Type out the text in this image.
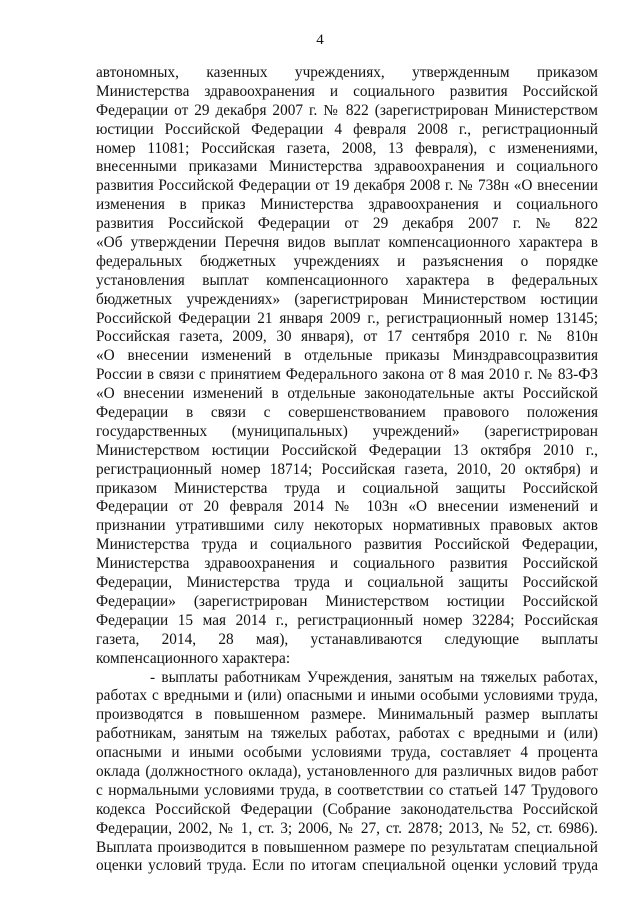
4
автономных, казенных учреждениях, утвержденным приказом
Министерства здравоохранения и социального развития Российской
Федерации от 29 декабря 2007 г. № 822 (зарегистрирован Министерством
юстиции Российской Федерации 4 февраля 2008 г., регистрационный
номер 11081; Российская газета, 2008, 13 февраля), с изменениями,
внесенными приказами Министерства здравоохранения и социального
развития Российской Федерации от 19 декабря 2008 г. № 738н «О внесении
изменения в приказ Министерства здравоохранения и социального
развития Российской Федерации от 29 декабря 2007 г. № 822
«Об утверждении Перечня видов выплат компенсационного характера в
федеральных бюджетных учреждениях и разъяснения о порядке
установления выплат компенсационного характера в федеральных
бюджетных учреждениях» (зарегистрирован Министерством юстиции
Российской Федерации 21 января 2009 г., регистрационный номер 13145;
Российская газета, 2009, 30 января), от 17 сентября 2010 г. № 810н
«О внесении изменений в отдельные приказы Минздравсоцразвития
России в связи с принятием Федерального закона от 8 мая 2010 г. № 83-ФЗ
«О внесении изменений в отдельные законодательные акты Российской
Федерации в связи с совершенствованием правового положения
государственных (муниципальных) учреждений» (зарегистрирован
Министерством юстиции Российской Федерации 13 октября 2010 г.,
регистрационный номер 18714; Российская газета, 2010, 20 октября) и
приказом Министерства труда и социальной защиты Российской
Федерации от 20 февраля 2014 № 103н «О внесении изменений и
признании утратившими силу некоторых нормативных правовых актов
Министерства труда и социального развития Российской Федерации,
Министерства здравоохранения и социального развития Российской
Федерации, Министерства труда и социальной защиты Российской
Федерации» (зарегистрирован Министерством юстиции Российской
Федерации 15 мая 2014 г., регистрационный номер 32284; Российская
газета, 2014, 28 мая), устанавливаются следующие выплаты
компенсационного характера:
- выплаты работникам Учреждения, занятым на тяжелых работах,
работах с вредными и (или) опасными и иными особыми условиями труда,
производятся в повышенном размере. Минимальный размер выплаты
работникам, занятым на тяжелых работах, работах с вредными и (или)
опасными и иными особыми условиями труда, составляет 4 процента
оклада (должностного оклада), установленного для различных видов работ
с нормальными условиями труда, в соответствии со статьей 147 Трудового
кодекса Российской Федерации (Собрание законодательства Российской
Федерации, 2002, № 1, ст. 3; 2006, № 27, ст. 2878; 2013, № 52, ст. 6986).
Выплата производится в повышенном размере по результатам специальной
оценки условий труда. Если по итогам специальной оценки условий труда
